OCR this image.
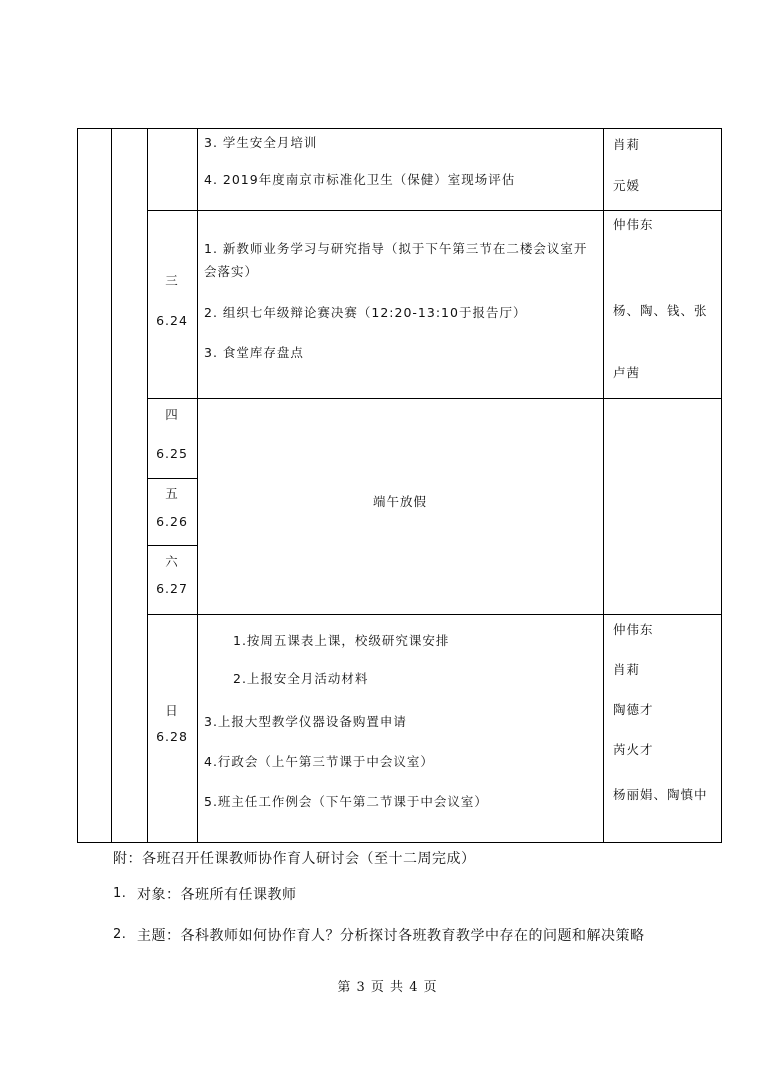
3. 学生安全月培训
4. 2019年度南京市标准化卫生（保健）室现场评估
肖莉
元媛
三
6.24
1. 新教师业务学习与研究指导（拟于下午第三节在二楼会议室开会落实）
2. 组织七年级辩论赛决赛（12:20-13:10于报告厅）
3. 食堂库存盘点
仲伟东
杨、陶、钱、张
卢茜
四
6.25
五
6.26
六
6.27
端午放假
日
6.28
1.按周五课表上课，校级研究课安排
2.上报安全月活动材料
3.上报大型教学仪器设备购置申请
4.行政会（上午第三节课于中会议室）
5.班主任工作例会（下午第二节课于中会议室）
仲伟东
肖莉
陶德才
芮火才
杨丽娟、陶慎中
附：各班召开任课教师协作育人研讨会（至十二周完成）
1. 对象：各班所有任课教师
2. 主题：各科教师如何协作育人？分析探讨各班教育教学中存在的问题和解决策略
第 3 页 共 4 页
